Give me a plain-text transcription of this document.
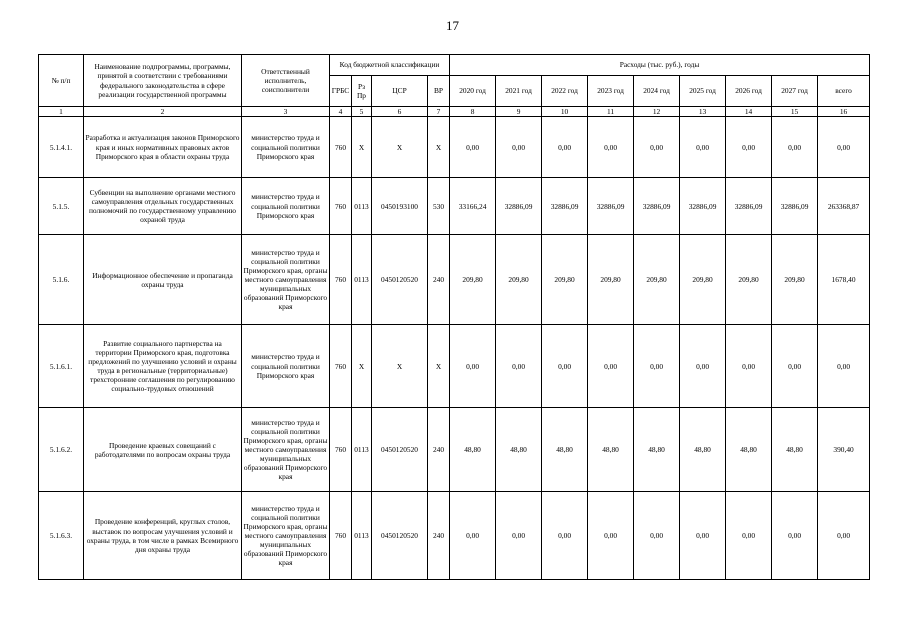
17
№ п/п	Наименование подпрограммы, программы, принятой в соответствии с требованиями федерального законодательства в сфере реализации государственной программы	Ответственный исполнитель, соисполнители	Код бюджетной классификации				Расходы (тыс. руб.), годы								
			ГРБС	Рз Пр	ЦСР	ВР	2020 год	2021 год	2022 год	2023 год	2024 год	2025 год	2026 год	2027 год	всего
1	2	3	4	5	6	7	8	9	10	11	12	13	14	15	16
5.1.4.1.	Разработка и актуализация законов Приморского края и иных нормативных правовых актов Приморского края в области охраны труда	министерство труда и социальной политики Приморского края	760	X	X	X	0,00	0,00	0,00	0,00	0,00	0,00	0,00	0,00	0,00
5.1.5.	Субвенции на выполнение органами местного самоуправления отдельных государственных полномочий по государственному управлению охраной труда	министерство труда и социальной политики Приморского края	760	0113	0450193100	530	33166,24	32886,09	32886,09	32886,09	32886,09	32886,09	32886,09	32886,09	263368,87
5.1.6.	Информационное обеспечение и пропаганда охраны труда	министерство труда и социальной политики Приморского края, органы местного самоуправления муниципальных образований Приморского края	760	0113	0450120520	240	209,80	209,80	209,80	209,80	209,80	209,80	209,80	209,80	1678,40
5.1.6.1.	Развитие социального партнерства на территории Приморского края, подготовка предложений по улучшению условий и охраны труда в региональные (территориальные) трехсторонние соглашения по регулированию социально-трудовых отношений	министерство труда и социальной политики Приморского края	760	X	X	X	0,00	0,00	0,00	0,00	0,00	0,00	0,00	0,00	0,00
5.1.6.2.	Проведение краевых совещаний с работодателями по вопросам охраны труда	министерство труда и социальной политики Приморского края, органы местного самоуправления муниципальных образований Приморского края	760	0113	0450120520	240	48,80	48,80	48,80	48,80	48,80	48,80	48,80	48,80	390,40
5.1.6.3.	Проведение конференций, круглых столов, выставок по вопросам улучшения условий и охраны труда, в том числе в рамках Всемирного дня охраны труда	министерство труда и социальной политики Приморского края, органы местного самоуправления муниципальных образований Приморского края	760	0113	0450120520	240	0,00	0,00	0,00	0,00	0,00	0,00	0,00	0,00	0,00
